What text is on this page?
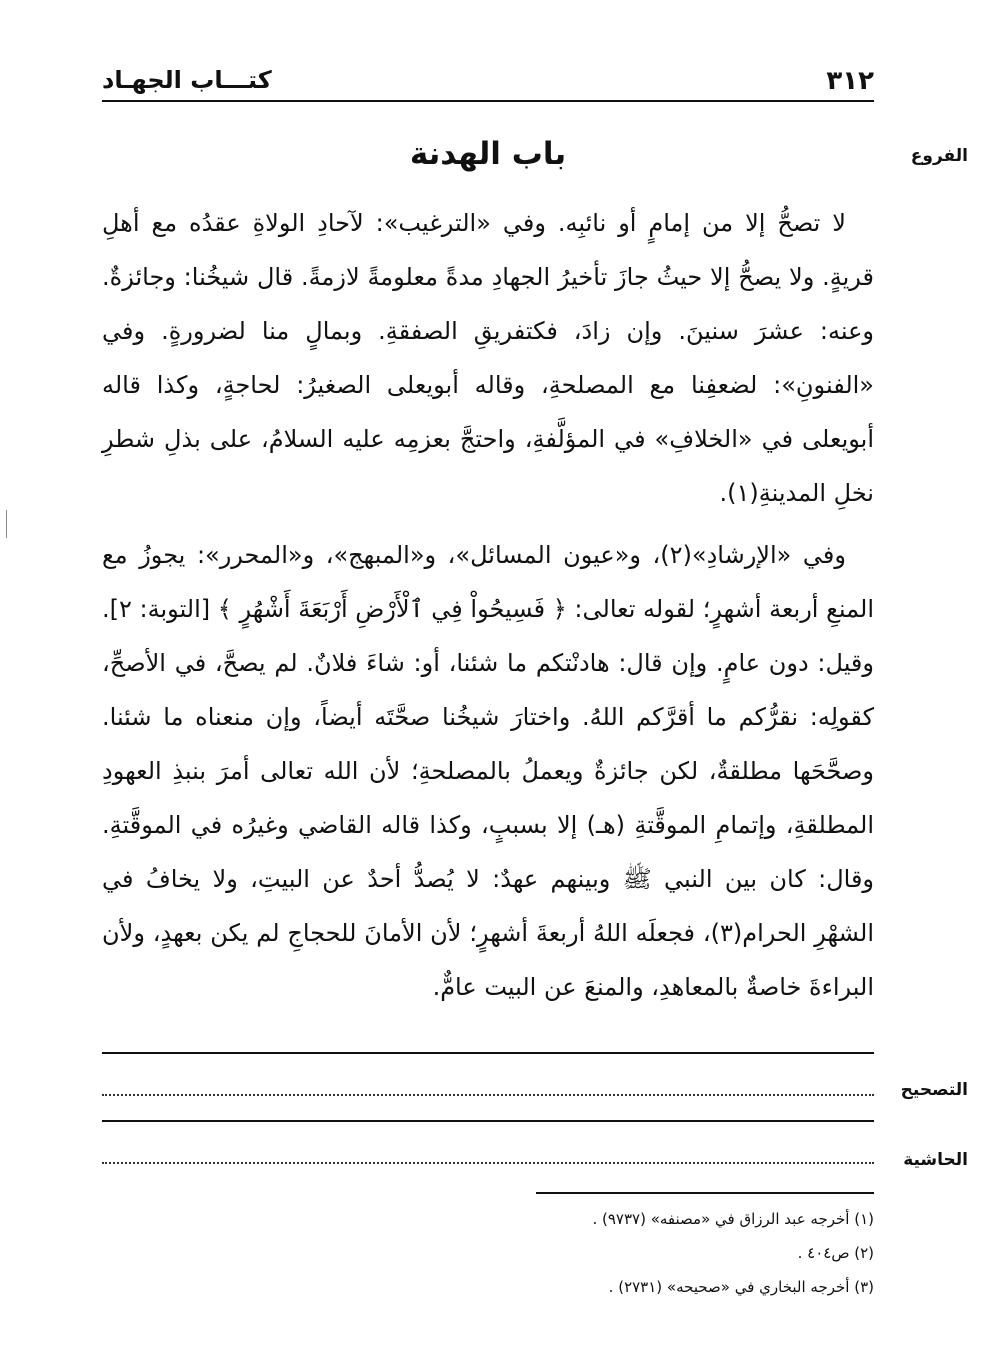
٣١٢
كتـــاب الجهـاد
الفروع
باب الهدنة

لا تصحُّ إلا من إمامٍ أو نائبِه. وفي «الترغيب»: لآحادِ الولاةِ عقدُه مع أهلِ قريةٍ. ولا يصحُّ إلا حيثُ جازَ تأخيرُ الجهادِ مدةً معلومةً لازمةً. قال شيخُنا: وجائزةٌ. وعنه: عشرَ سنينَ. وإن زادَ، فكتفريقِ الصفقةِ. وبمالٍ منا لضرورةٍ. وفي «الفنونِ»: لضعفِنا مع المصلحةِ، وقاله أبويعلى الصغيرُ: لحاجةٍ، وكذا قاله أبويعلى في «الخلافِ» في المؤلَّفةِ، واحتجَّ بعزمِه عليه السلامُ، على بذلِ شطرِ نخلِ المدينةِ(١).

وفي «الإرشادِ»(٢)، و«عيون المسائل»، و«المبهج»، و«المحرر»: يجوزُ مع المنعِ أربعة أشهرٍ؛ لقوله تعالى: ﴿ فَسِيحُواْ فِي ٱلْأَرْضِ أَرْبَعَةَ أَشْهُرٍ ﴾ [التوبة: ٢]. وقيل: دون عامٍ. وإن قال: هادنْتكم ما شئنا، أو: شاءَ فلانٌ. لم يصحَّ، في الأصحِّ، كقولِه: نقرُّكم ما أقرَّكم اللهُ. واختارَ شيخُنا صحَّتَه أيضاً، وإن منعناه ما شئنا. وصحَّحَها مطلقةٌ، لكن جائزةٌ ويعملُ بالمصلحةِ؛ لأن الله تعالى أمرَ بنبذِ العهودِ المطلقةِ، وإتمامِ الموقَّتةِ (هـ) إلا بسببٍ، وكذا قاله القاضي وغيرُه في الموقَّتةِ. وقال: كان بين النبي ﷺ وبينهم عهدٌ: لا يُصدُّ أحدٌ عن البيتِ، ولا يخافُ في الشهْرِ الحرام(٣)، فجعلَه اللهُ أربعةَ أشهرٍ؛ لأن الأمانَ للحجاجِ لم يكن بعهدٍ، ولأن البراءةَ خاصةٌ بالمعاهدِ، والمنعَ عن البيت عامٌّ.

التصحيح
الحاشية
(١) أخرجه عبد الرزاق في «مصنفه» (٩٧٣٧) .
(٢) ص٤٠٤ .
(٣) أخرجه البخاري في «صحيحه» (٢٧٣١) .
